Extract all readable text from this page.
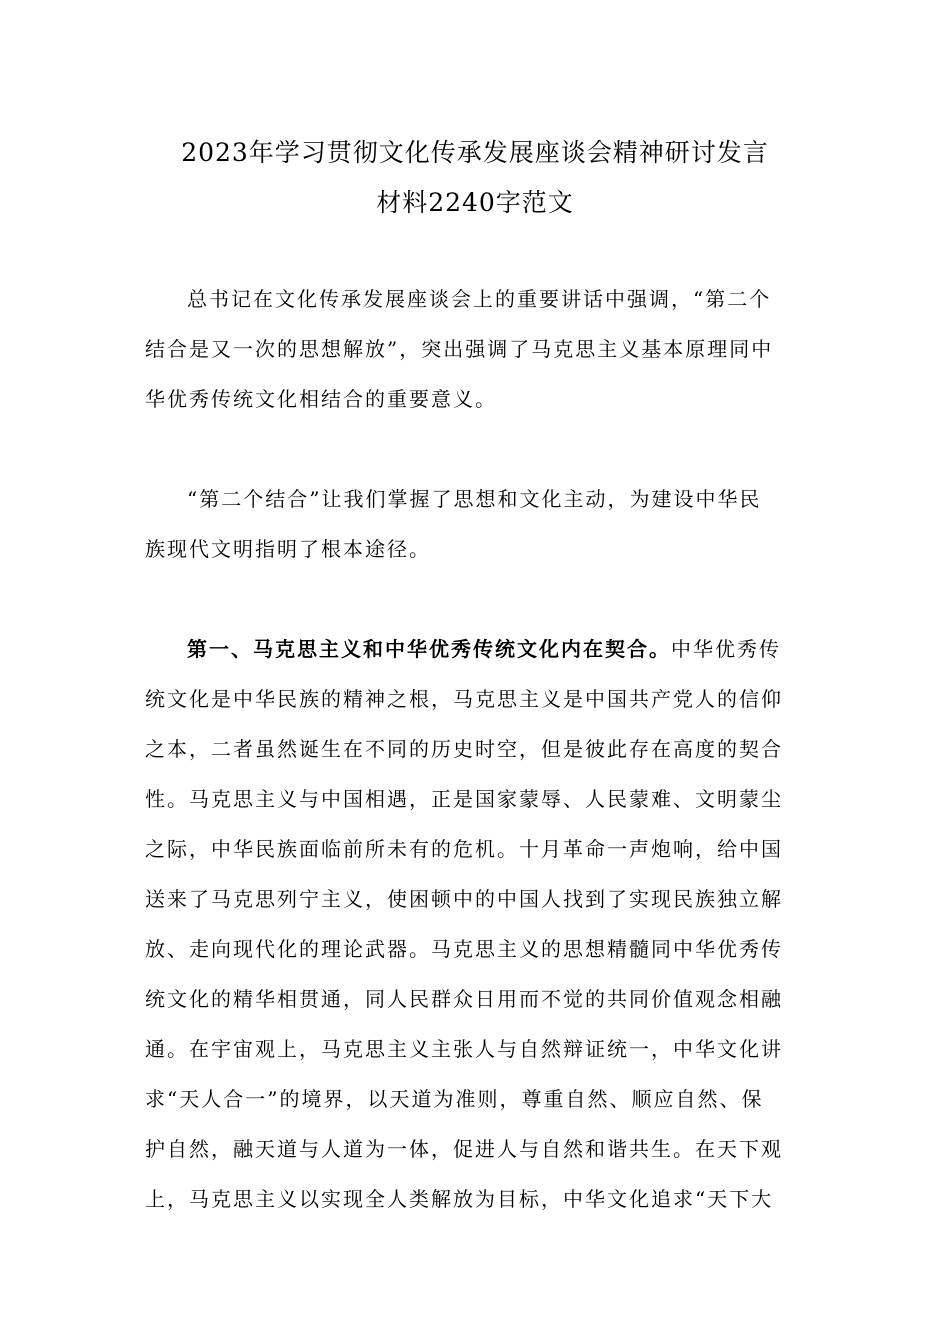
2023年学习贯彻文化传承发展座谈会精神研讨发言
材料2240字范文
总书记在文化传承发展座谈会上的重要讲话中强调，“第二个
结合是又一次的思想解放”，突出强调了马克思主义基本原理同中
华优秀传统文化相结合的重要意义。
“第二个结合”让我们掌握了思想和文化主动，为建设中华民
族现代文明指明了根本途径。
第一、马克思主义和中华优秀传统文化内在契合。中华优秀传
统文化是中华民族的精神之根，马克思主义是中国共产党人的信仰
之本，二者虽然诞生在不同的历史时空，但是彼此存在高度的契合
性。马克思主义与中国相遇，正是国家蒙辱、人民蒙难、文明蒙尘
之际，中华民族面临前所未有的危机。十月革命一声炮响，给中国
送来了马克思列宁主义，使困顿中的中国人找到了实现民族独立解
放、走向现代化的理论武器。马克思主义的思想精髓同中华优秀传
统文化的精华相贯通，同人民群众日用而不觉的共同价值观念相融
通。在宇宙观上，马克思主义主张人与自然辩证统一，中华文化讲
求“天人合一”的境界，以天道为准则，尊重自然、顺应自然、保
护自然，融天道与人道为一体，促进人与自然和谐共生。在天下观
上，马克思主义以实现全人类解放为目标，中华文化追求“天下大
